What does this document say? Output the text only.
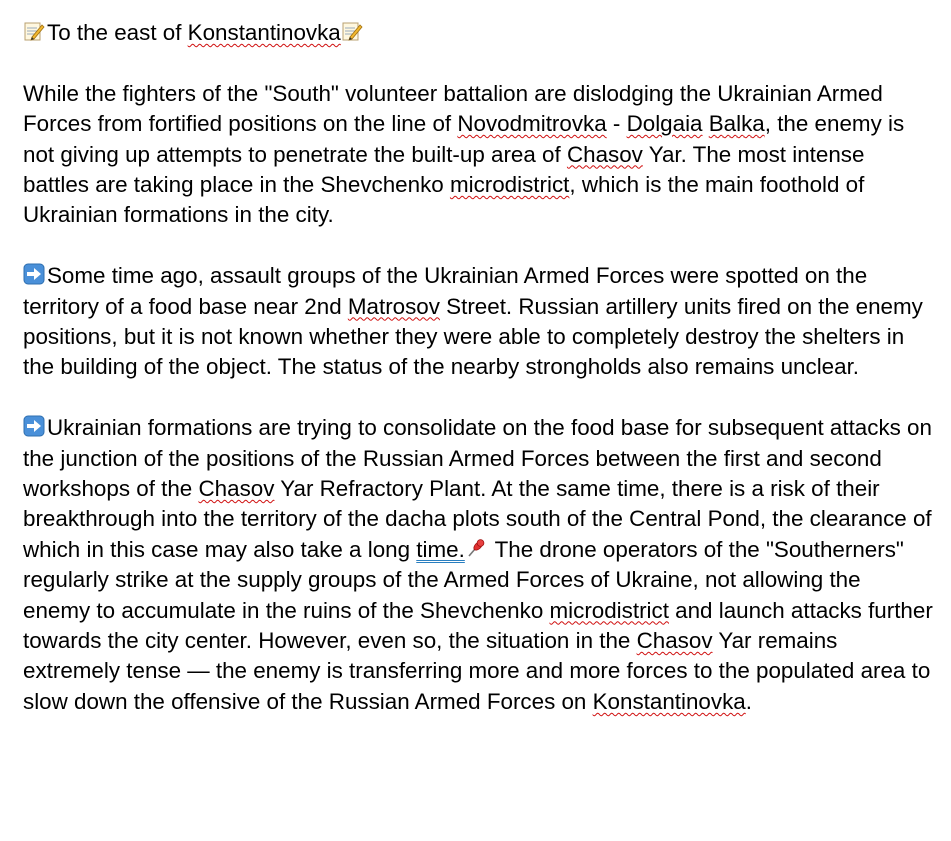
To the east of Konstantinovka

While the fighters of the "South" volunteer battalion are dislodging the Ukrainian Armed Forces from fortified positions on the line of Novodmitrovka - Dolgaia Balka, the enemy is not giving up attempts to penetrate the built-up area of Chasov Yar. The most intense battles are taking place in the Shevchenko microdistrict, which is the main foothold of Ukrainian formations in the city.

Some time ago, assault groups of the Ukrainian Armed Forces were spotted on the territory of a food base near 2nd Matrosov Street. Russian artillery units fired on the enemy positions, but it is not known whether they were able to completely destroy the shelters in the building of the object. The status of the nearby strongholds also remains unclear.

Ukrainian formations are trying to consolidate on the food base for subsequent attacks on the junction of the positions of the Russian Armed Forces between the first and second workshops of the Chasov Yar Refractory Plant. At the same time, there is a risk of their breakthrough into the territory of the dacha plots south of the Central Pond, the clearance of which in this case may also take a long time.
The drone operators of the "Southerners" regularly strike at the supply groups of the Armed Forces of Ukraine, not allowing the enemy to accumulate in the ruins of the Shevchenko microdistrict and launch attacks further towards the city center. However, even so, the situation in the Chasov Yar remains extremely tense — the enemy is transferring more and more forces to the populated area to slow down the offensive of the Russian Armed Forces on Konstantinovka.
